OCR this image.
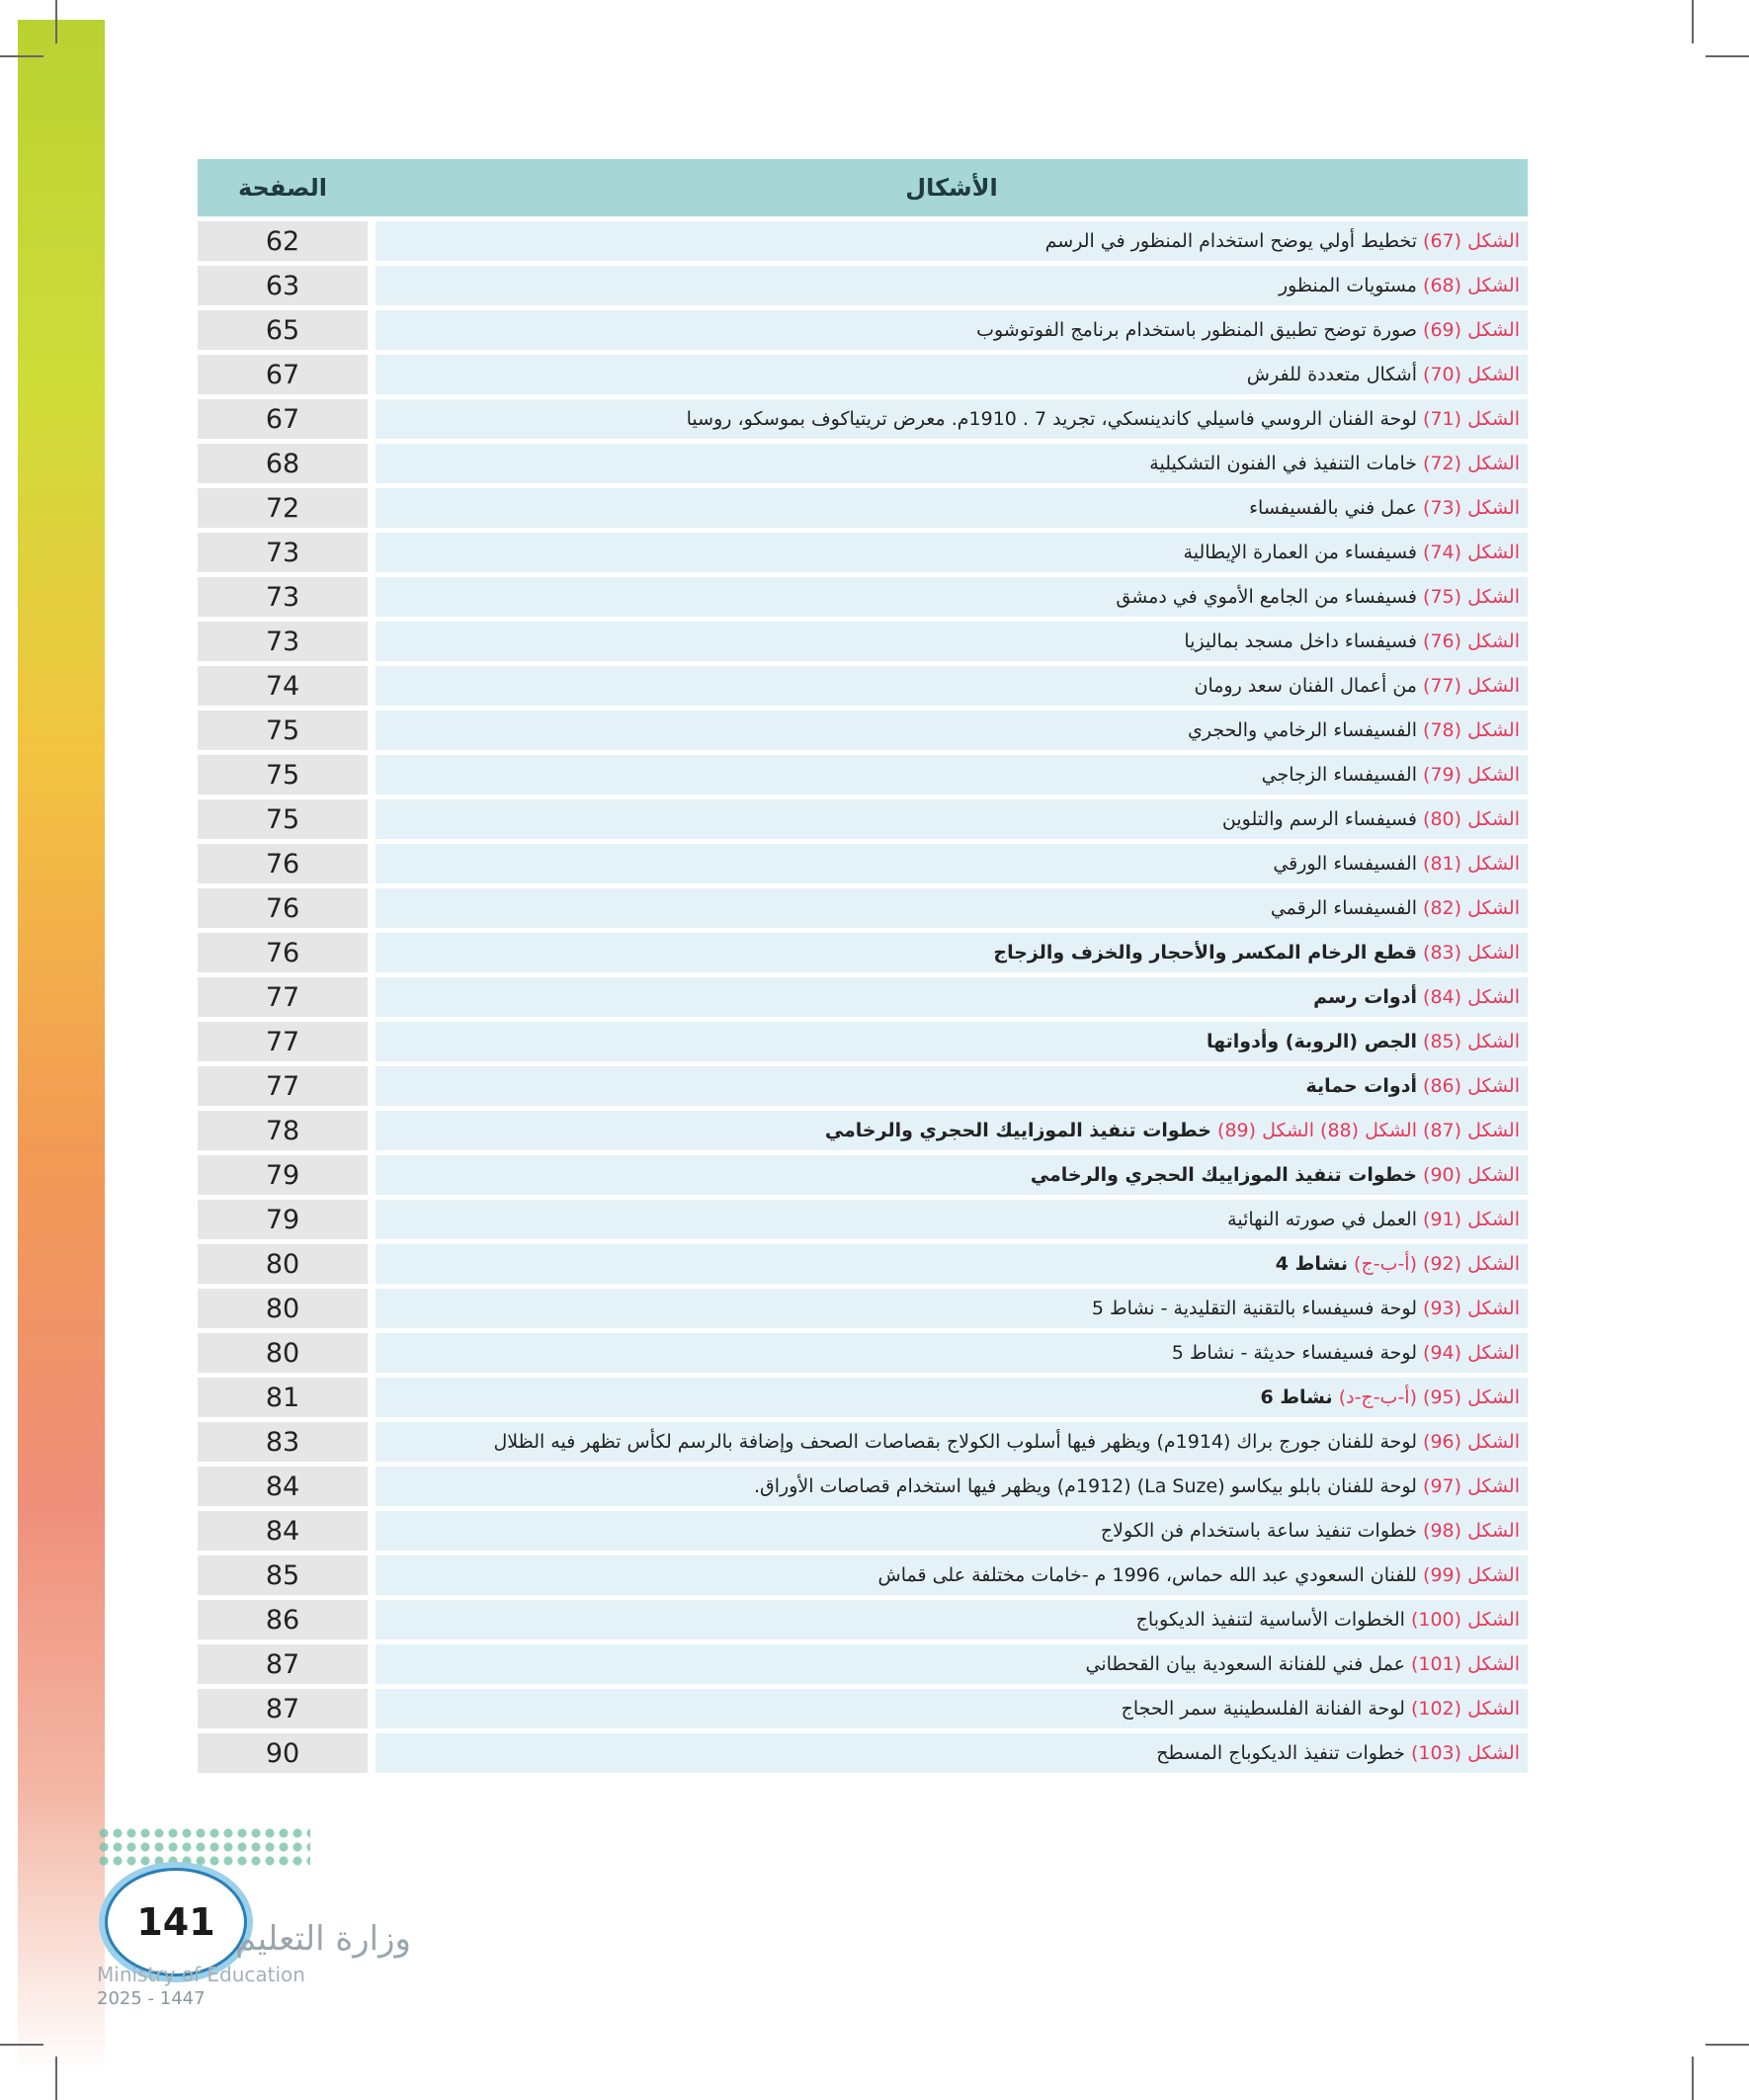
الأشكال		الصفحة
الشكل (67) تخطيط أولي يوضح استخدام المنظور في الرسم		62
الشكل (68) مستويات المنظور		63
الشكل (69) صورة توضح تطبيق المنظور باستخدام برنامج الفوتوشوب		65
الشكل (70) أشكال متعددة للفرش		67
الشكل (71) لوحة الفنان الروسي فاسيلي كاندينسكي، تجريد 7 . 1910م. معرض تريتياكوف بموسكو، روسيا		67
الشكل (72) خامات التنفيذ في الفنون التشكيلية		68
الشكل (73) عمل فني بالفسيفساء		72
الشكل (74) فسيفساء من العمارة الإيطالية		73
الشكل (75) فسيفساء من الجامع الأموي في دمشق		73
الشكل (76) فسيفساء داخل مسجد بماليزيا		73
الشكل (77) من أعمال الفنان سعد رومان		74
الشكل (78) الفسيفساء الرخامي والحجري		75
الشكل (79) الفسيفساء الزجاجي		75
الشكل (80) فسيفساء الرسم والتلوين		75
الشكل (81) الفسيفساء الورقي		76
الشكل (82) الفسيفساء الرقمي		76
الشكل (83) قطع الرخام المكسر والأحجار والخزف والزجاج		76
الشكل (84) أدوات رسم		77
الشكل (85) الجص (الروبة) وأدواتها		77
الشكل (86) أدوات حماية		77
الشكل (87) الشكل (88) الشكل (89) خطوات تنفيذ الموزاييك الحجري والرخامي		78
الشكل (90) خطوات تنفيذ الموزاييك الحجري والرخامي		79
الشكل (91) العمل في صورته النهائية		79
الشكل (92) (أ-ب-ج) نشاط 4		80
الشكل (93) لوحة فسيفساء بالتقنية التقليدية - نشاط 5		80
الشكل (94) لوحة فسيفساء حديثة - نشاط 5		80
الشكل (95) (أ-ب-ج-د) نشاط 6		81
الشكل (96) لوحة للفنان جورج براك (1914م) ويظهر فيها أسلوب الكولاج بقصاصات الصحف وإضافة بالرسم لكأس تظهر فيه الظلال		83
الشكل (97) لوحة للفنان بابلو بيكاسو (La Suze) (1912م) ويظهر فيها استخدام قصاصات الأوراق.		84
الشكل (98) خطوات تنفيذ ساعة باستخدام فن الكولاج		84
الشكل (99) للفنان السعودي عبد الله حماس، 1996 م -خامات مختلفة على قماش		85
الشكل (100) الخطوات الأساسية لتنفيذ الديكوباج		86
الشكل (101) عمل فني للفنانة السعودية بيان القحطاني		87
الشكل (102) لوحة الفنانة الفلسطينية سمر الحجاج		87
الشكل (103) خطوات تنفيذ الديكوباج المسطح		90
141 وزارة التعليم
Ministry of Education
2025 - 1447
